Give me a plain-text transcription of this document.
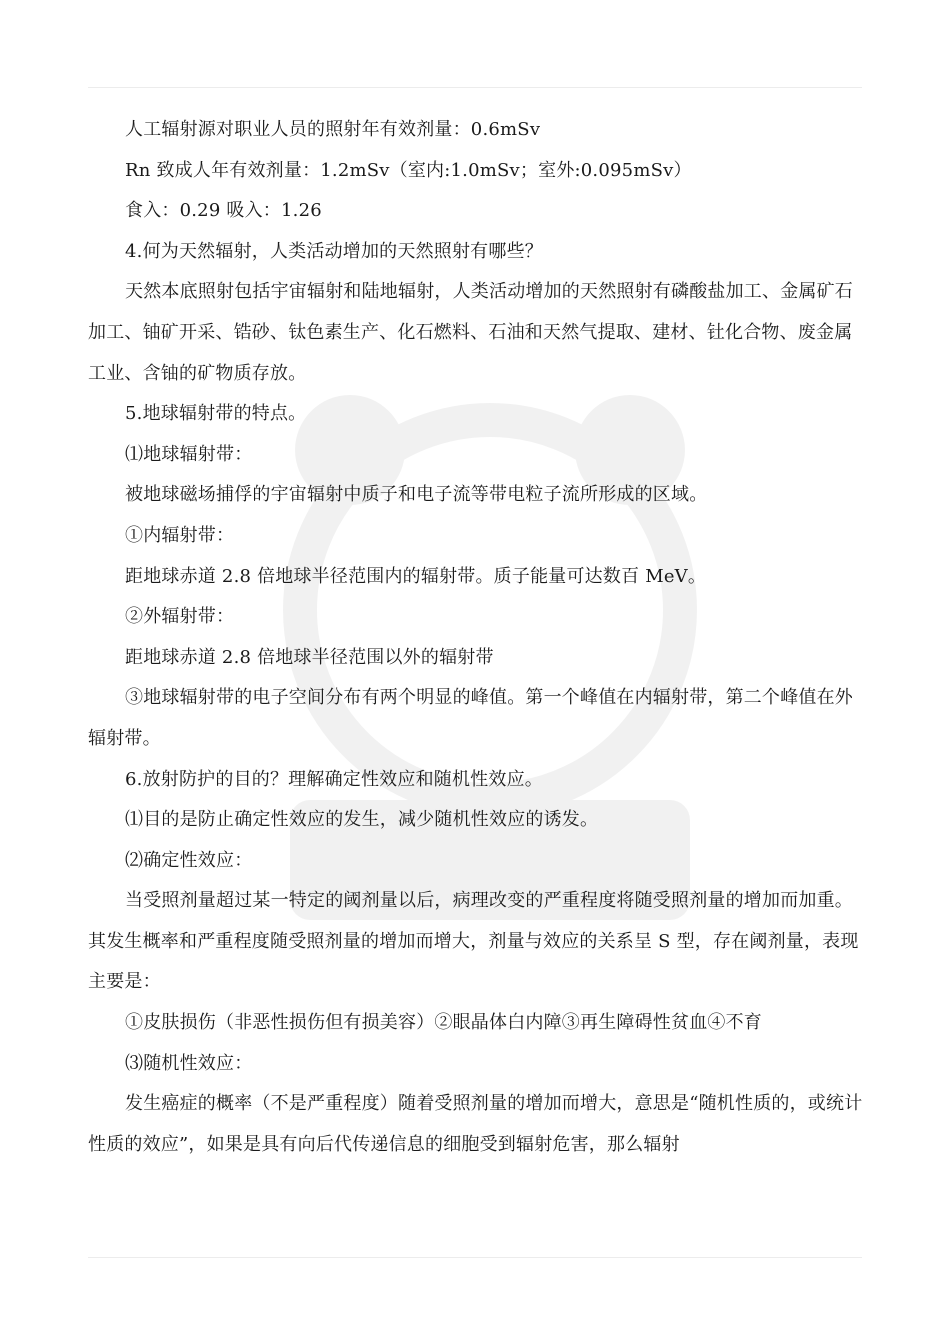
人工辐射源对职业人员的照射年有效剂量：0.6mSv

Rn 致成人年有效剂量：1.2mSv（室内:1.0mSv；室外:0.095mSv）

食入：0.29 吸入：1.26

4.何为天然辐射，人类活动增加的天然照射有哪些？

天然本底照射包括宇宙辐射和陆地辐射，人类活动增加的天然照射有磷酸盐加工、金属矿石加工、铀矿开采、锆砂、钛色素生产、化石燃料、石油和天然气提取、建材、钍化合物、废金属工业、含铀的矿物质存放。

5.地球辐射带的特点。

⑴地球辐射带：

被地球磁场捕俘的宇宙辐射中质子和电子流等带电粒子流所形成的区域。

①内辐射带：

距地球赤道 2.8 倍地球半径范围内的辐射带。质子能量可达数百 MeV。

②外辐射带：

距地球赤道 2.8 倍地球半径范围以外的辐射带

③地球辐射带的电子空间分布有两个明显的峰值。第一个峰值在内辐射带，第二个峰值在外辐射带。

6.放射防护的目的？理解确定性效应和随机性效应。

⑴目的是防止确定性效应的发生，减少随机性效应的诱发。

⑵确定性效应：

当受照剂量超过某一特定的阈剂量以后，病理改变的严重程度将随受照剂量的增加而加重。其发生概率和严重程度随受照剂量的增加而增大，剂量与效应的关系呈 S 型，存在阈剂量，表现主要是：

①皮肤损伤（非恶性损伤但有损美容）②眼晶体白内障③再生障碍性贫血④不育

⑶随机性效应：

发生癌症的概率（不是严重程度）随着受照剂量的增加而增大，意思是“随机性质的，或统计性质的效应”，如果是具有向后代传递信息的细胞受到辐射危害，那么辐射
